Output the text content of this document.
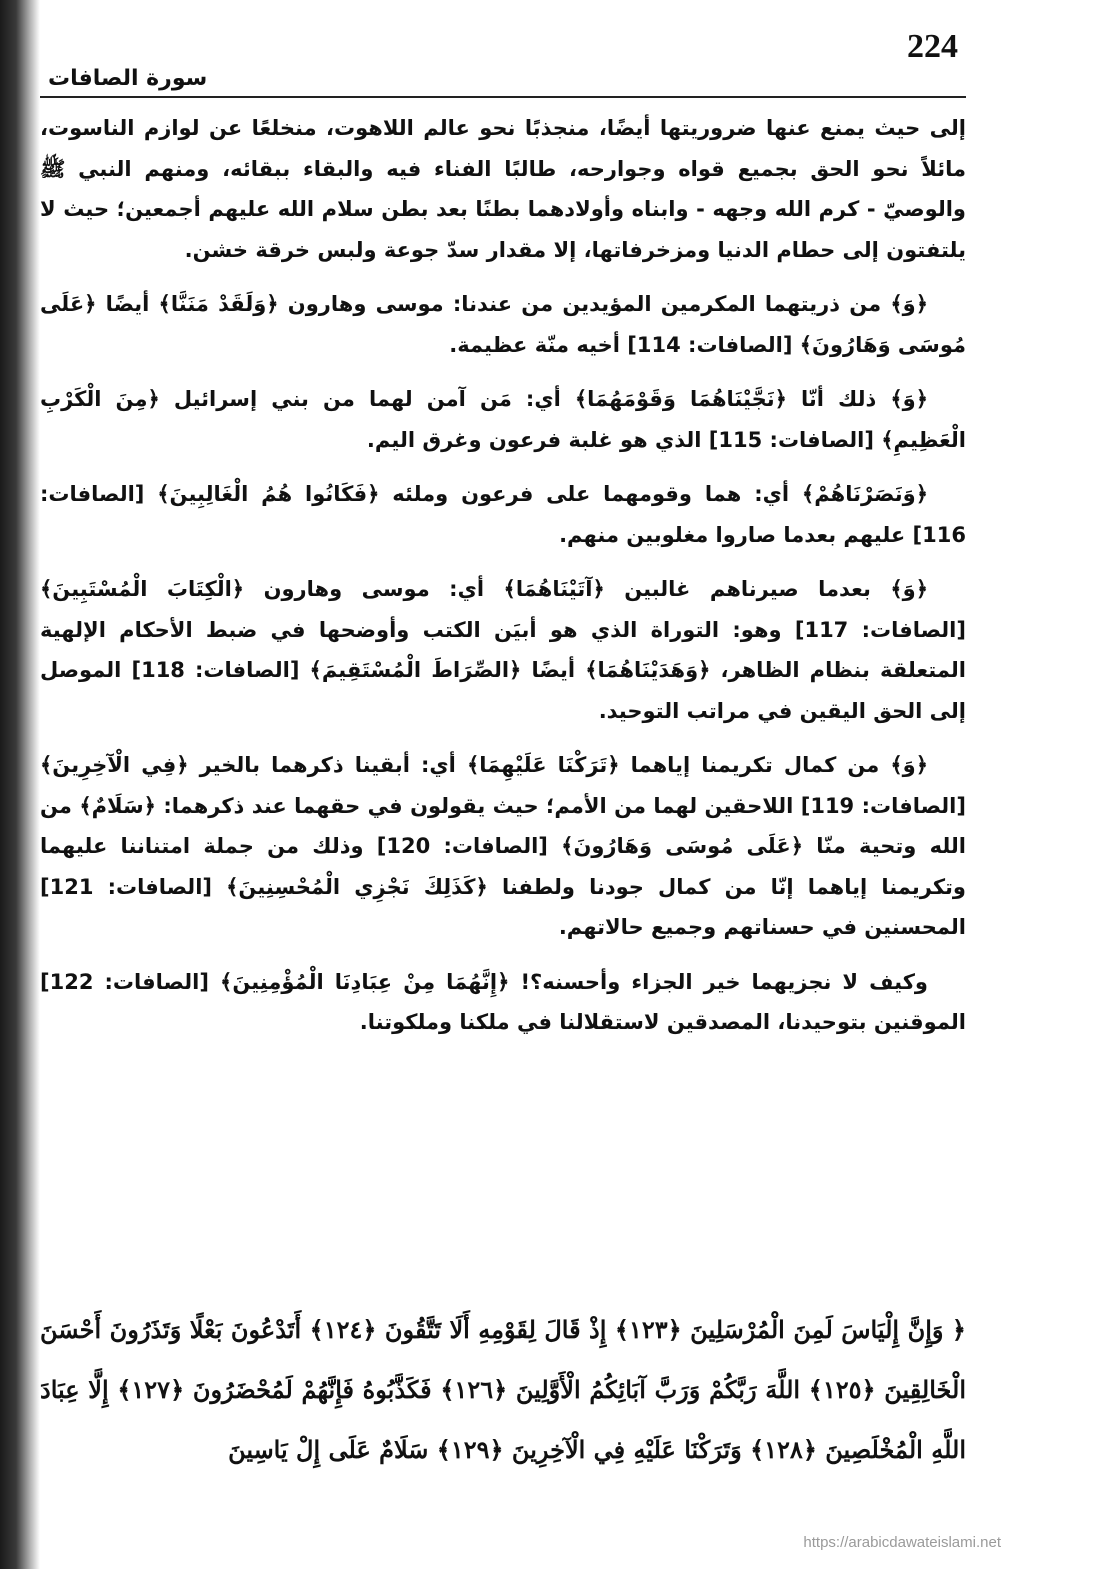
224
سورة الصافات

إلى حيث يمنع عنها ضروريتها أيضًا، منجذبًا نحو عالم اللاهوت، منخلعًا عن لوازم الناسوت، مائلاً نحو الحق بجميع قواه وجوارحه، طالبًا الفناء فيه والبقاء ببقائه، ومنهم النبي ﷺ والوصيّ - كرم الله وجهه - وابناه وأولادهما بطنًا بعد بطن سلام الله عليهم أجمعين؛ حيث لا يلتفتون إلى حطام الدنيا ومزخرفاتها، إلا مقدار سدّ جوعة ولبس خرقة خشن.

﴿وَ﴾ من ذريتهما المكرمين المؤيدين من عندنا: موسى وهارون ﴿وَلَقَدْ مَنَنَّا﴾ أيضًا ﴿عَلَى مُوسَى وَهَارُونَ﴾ [الصافات: 114] أخيه منّة عظيمة.

﴿وَ﴾ ذلك أنّا ﴿نَجَّيْنَاهُمَا وَقَوْمَهُمَا﴾ أي: مَن آمن لهما من بني إسرائيل ﴿مِنَ الْكَرْبِ الْعَظِيمِ﴾ [الصافات: 115] الذي هو غلبة فرعون وغرق اليم.

﴿وَنَصَرْنَاهُمْ﴾ أي: هما وقومهما على فرعون وملئه ﴿فَكَانُوا هُمُ الْغَالِبِينَ﴾ [الصافات: 116] عليهم بعدما صاروا مغلوبين منهم.

﴿وَ﴾ بعدما صيرناهم غالبين ﴿آتَيْنَاهُمَا﴾ أي: موسى وهارون ﴿الْكِتَابَ الْمُسْتَبِينَ﴾ [الصافات: 117] وهو: التوراة الذي هو أبيَن الكتب وأوضحها في ضبط الأحكام الإلهية المتعلقة بنظام الظاهر، ﴿وَهَدَيْنَاهُمَا﴾ أيضًا ﴿الصِّرَاطَ الْمُسْتَقِيمَ﴾ [الصافات: 118] الموصل إلى الحق اليقين في مراتب التوحيد.

﴿وَ﴾ من كمال تكريمنا إياهما ﴿تَرَكْنَا عَلَيْهِمَا﴾ أي: أبقينا ذكرهما بالخير ﴿فِي الْآخِرِينَ﴾ [الصافات: 119] اللاحقين لهما من الأمم؛ حيث يقولون في حقهما عند ذكرهما: ﴿سَلَامٌ﴾ من الله وتحية منّا ﴿عَلَى مُوسَى وَهَارُونَ﴾ [الصافات: 120] وذلك من جملة امتناننا عليهما وتكريمنا إياهما إنّا من كمال جودنا ولطفنا ﴿كَذَلِكَ نَجْزِي الْمُحْسِنِينَ﴾ [الصافات: 121] المحسنين في حسناتهم وجميع حالاتهم.

وكيف لا نجزيهما خير الجزاء وأحسنه؟! ﴿إِنَّهُمَا مِنْ عِبَادِنَا الْمُؤْمِنِينَ﴾ [الصافات: 122] الموقنين بتوحيدنا، المصدقين لاستقلالنا في ملكنا وملكوتنا.

﴿ وَإِنَّ إِلْيَاسَ لَمِنَ الْمُرْسَلِينَ ﴿١٢٣﴾ إِذْ قَالَ لِقَوْمِهِ أَلَا تَتَّقُونَ ﴿١٢٤﴾ أَتَدْعُونَ بَعْلًا وَتَذَرُونَ أَحْسَنَ الْخَالِقِينَ ﴿١٢٥﴾ اللَّهَ رَبَّكُمْ وَرَبَّ آبَائِكُمُ الْأَوَّلِينَ ﴿١٢٦﴾ فَكَذَّبُوهُ فَإِنَّهُمْ لَمُحْضَرُونَ ﴿١٢٧﴾ إِلَّا عِبَادَ اللَّهِ الْمُخْلَصِينَ ﴿١٢٨﴾ وَتَرَكْنَا عَلَيْهِ فِي الْآخِرِينَ ﴿١٢٩﴾ سَلَامٌ عَلَى إِلْ يَاسِينَ
https://arabicdawateislami.net
